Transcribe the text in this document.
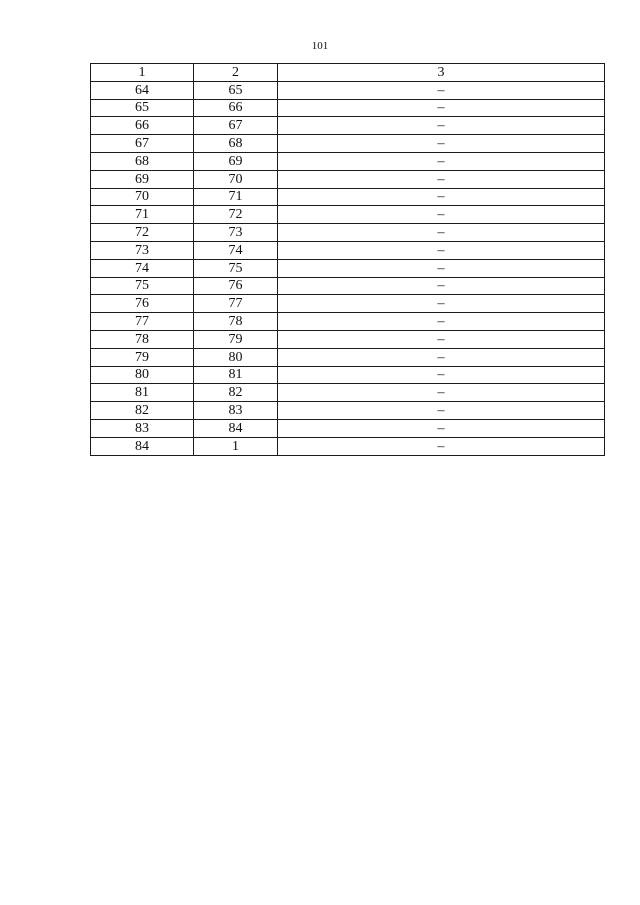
101
1	2	3
64	65	–
65	66	–
66	67	–
67	68	–
68	69	–
69	70	–
70	71	–
71	72	–
72	73	–
73	74	–
74	75	–
75	76	–
76	77	–
77	78	–
78	79	–
79	80	–
80	81	–
81	82	–
82	83	–
83	84	–
84	1	–
